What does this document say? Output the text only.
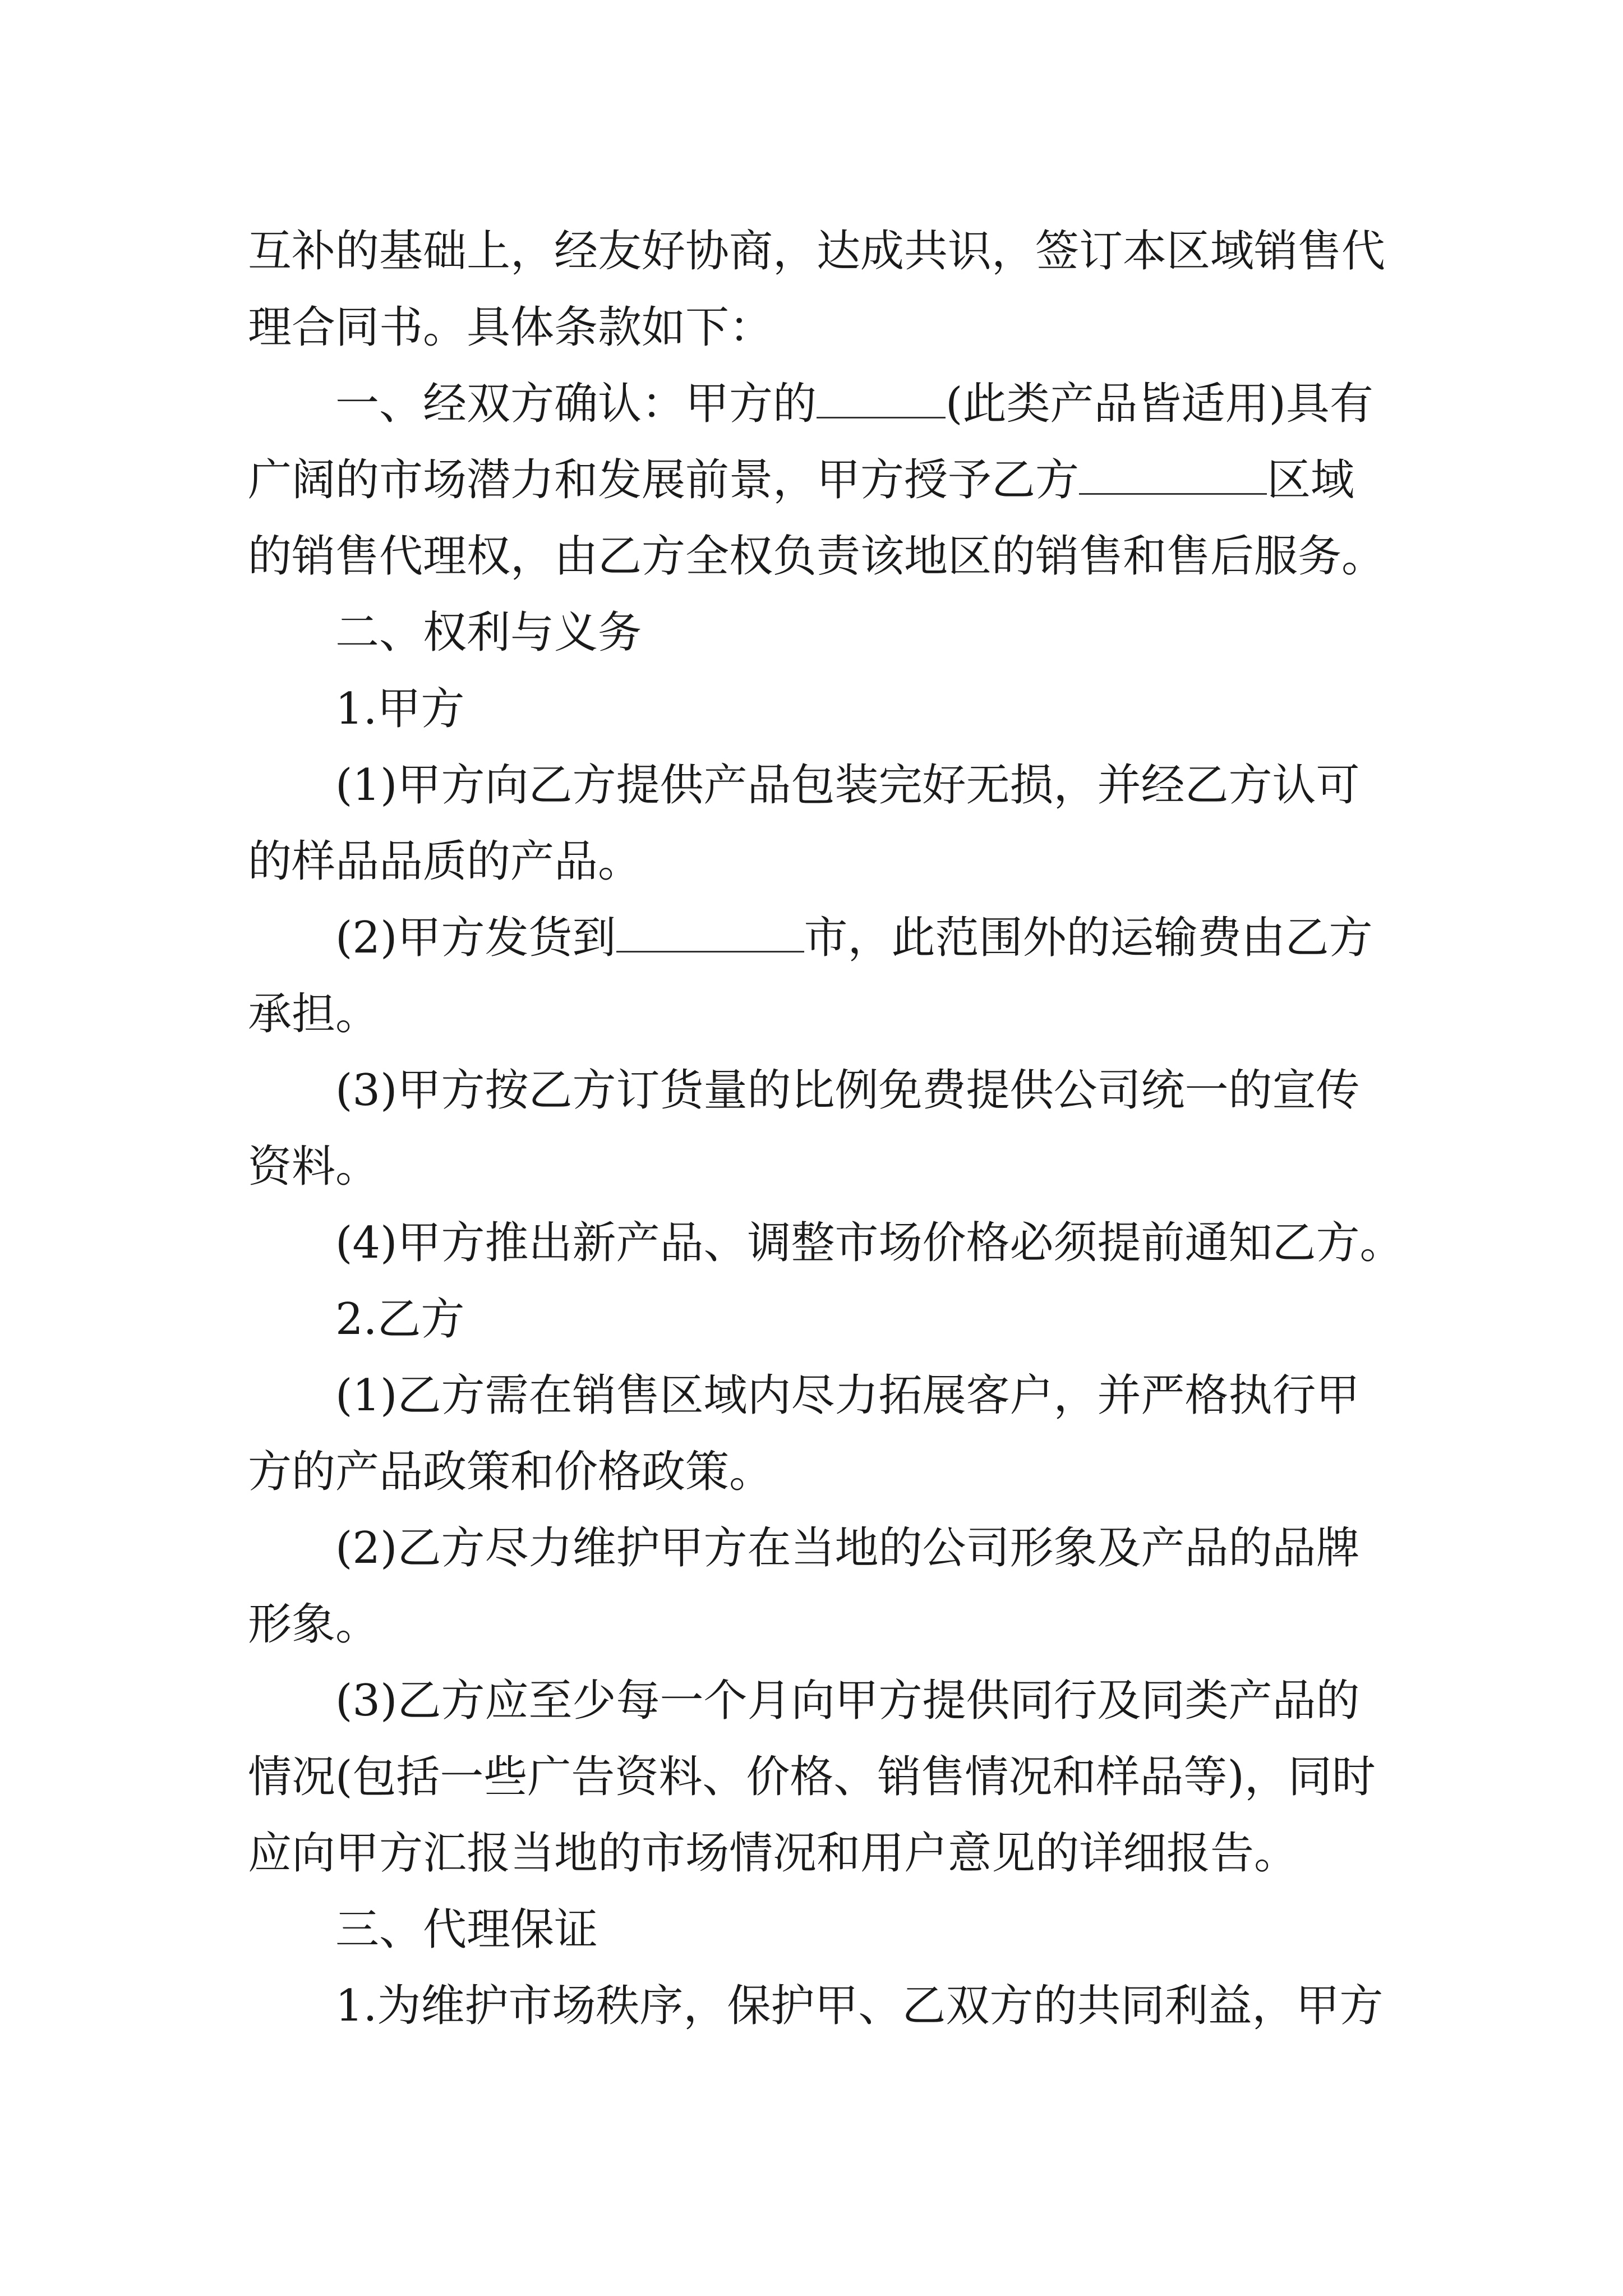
互补的基础上，经友好协商，达成共识，签订本区域销售代
理合同书。具体条款如下：
一、经双方确认：甲方的	(此类产品皆适用)具有
广阔的市场潜力和发展前景，甲方授予乙方	区域
的销售代理权，由乙方全权负责该地区的销售和售后服务。
二、权利与义务
1.甲方
(1)甲方向乙方提供产品包装完好无损，并经乙方认可
的样品品质的产品。
(2)甲方发货到	市，此范围外的运输费由乙方
承担。
(3)甲方按乙方订货量的比例免费提供公司统一的宣传
资料。
(4)甲方推出新产品、调整市场价格必须提前通知乙方。
2.乙方
(1)乙方需在销售区域内尽力拓展客户，并严格执行甲
方的产品政策和价格政策。
(2)乙方尽力维护甲方在当地的公司形象及产品的品牌
形象。
(3)乙方应至少每一个月向甲方提供同行及同类产品的
情况(包括一些广告资料、价格、销售情况和样品等)，同时
应向甲方汇报当地的市场情况和用户意见的详细报告。
三、代理保证
1.为维护市场秩序，保护甲、乙双方的共同利益，甲方
